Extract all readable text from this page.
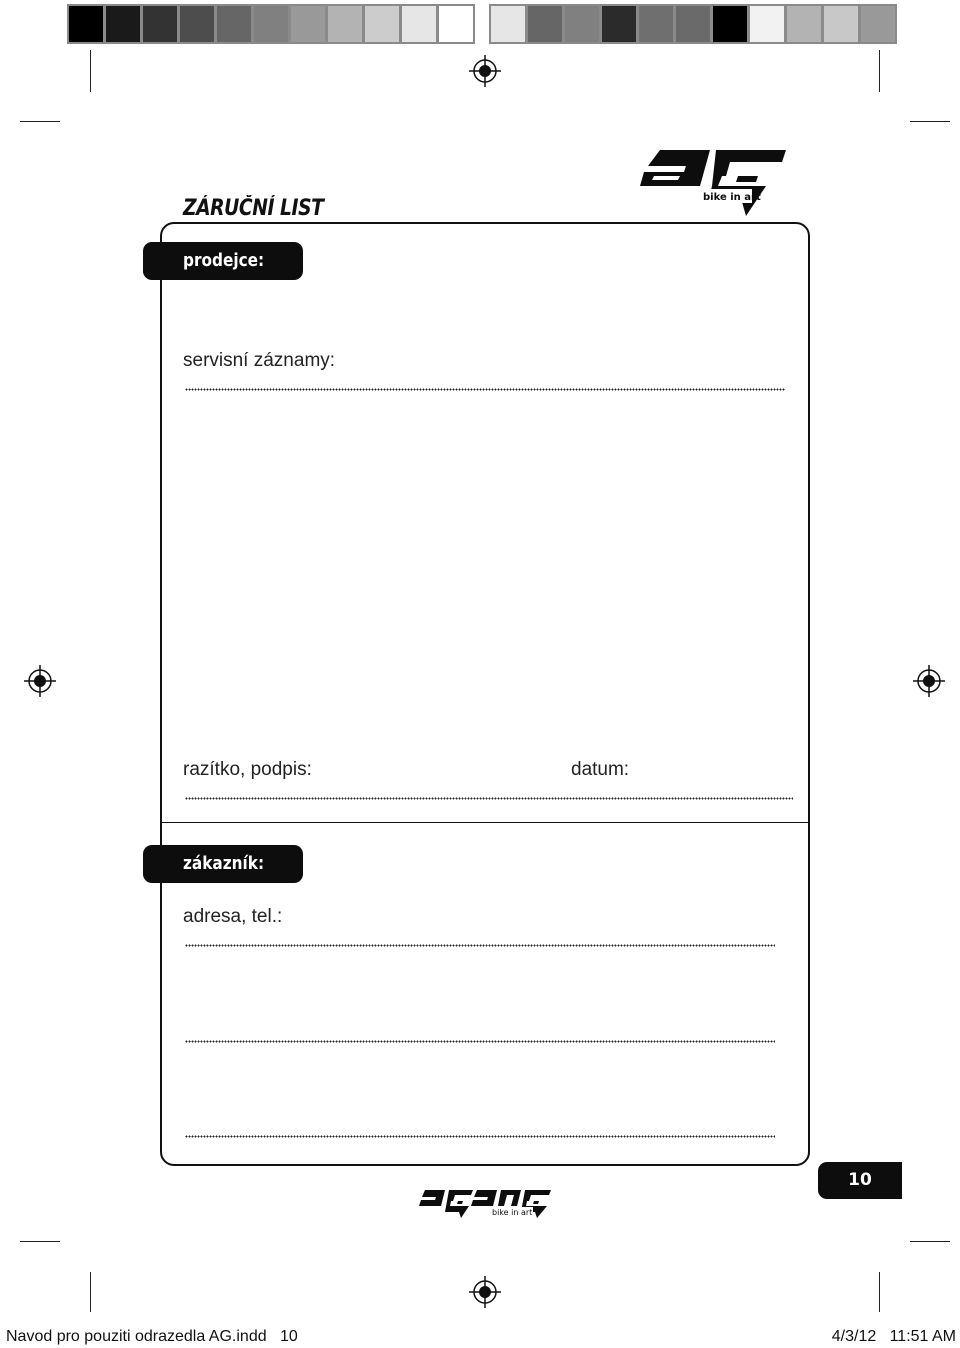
ZÁRUČNÍ LIST	bike in art
prodejce:
servisní záznamy:
razítko, podpis:	datum:
zákazník:
adresa, tel.:
10
bike in art
Navod pro pouziti odrazedla AG.indd   10	4/3/12   11:51 AM
